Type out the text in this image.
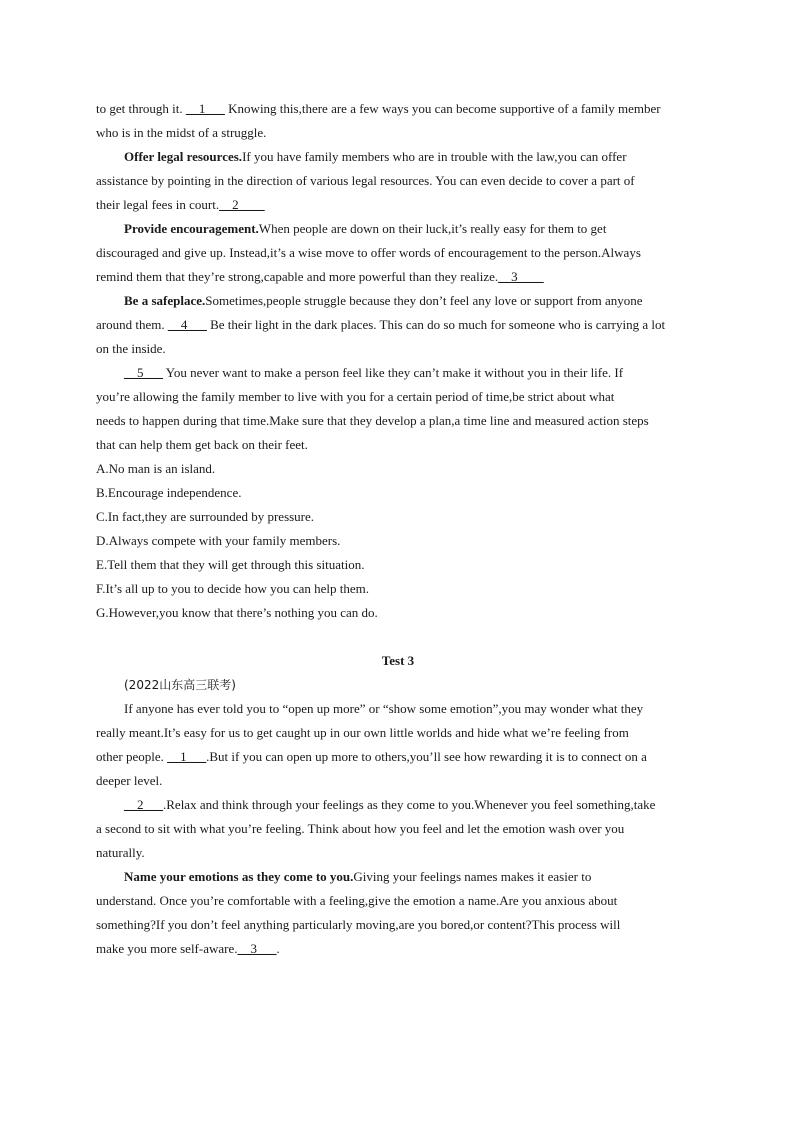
to get through it. __1___ Knowing this,there are a few ways you can become supportive of a family member
who is in the midst of a struggle.
Offer legal resources.If you have family members who are in trouble with the law,you can offer
assistance by pointing in the direction of various legal resources. You can even decide to cover a part of
their legal fees in court. __2____
Provide encouragement.When people are down on their luck,it’s really easy for them to get
discouraged and give up. Instead,it’s a wise move to offer words of encouragement to the person.Always
remind them that they’re strong,capable and more powerful than they realize. __3____
Be a safeplace.Sometimes,people struggle because they don’t feel any love or support from anyone
around them. __4___ Be their light in the dark places. This can do so much for someone who is carrying a lot
on the inside.
__5___ You never want to make a person feel like they can’t make it without you in their life. If
you’re allowing the family member to live with you for a certain period of time,be strict about what
needs to happen during that time.Make sure that they develop a plan,a time line and measured action steps
that can help them get back on their feet.
A.No man is an island.
B.Encourage independence.
C.In fact,they are surrounded by pressure.
D.Always compete with your family members.
E.Tell them that they will get through this situation.
F.It’s all up to you to decide how you can help them.
G.However,you know that there’s nothing you can do.
Test 3
(2022山东高三联考)
If anyone has ever told you to “open up more” or “show some emotion”,you may wonder what they
really meant.It’s easy for us to get caught up in our own little worlds and hide what we’re feeling from
other people. __1___.But if you can open up more to others,you’ll see how rewarding it is to connect on a
deeper level.
__2___.Relax and think through your feelings as they come to you.Whenever you feel something,take
a second to sit with what you’re feeling. Think about how you feel and let the emotion wash over you
naturally.
Name your emotions as they come to you.Giving your feelings names makes it easier to
understand. Once you’re comfortable with a feeling,give the emotion a name.Are you anxious about
something?If you don’t feel anything particularly moving,are you bored,or content?This process will
make you more self-aware. __3___ .
